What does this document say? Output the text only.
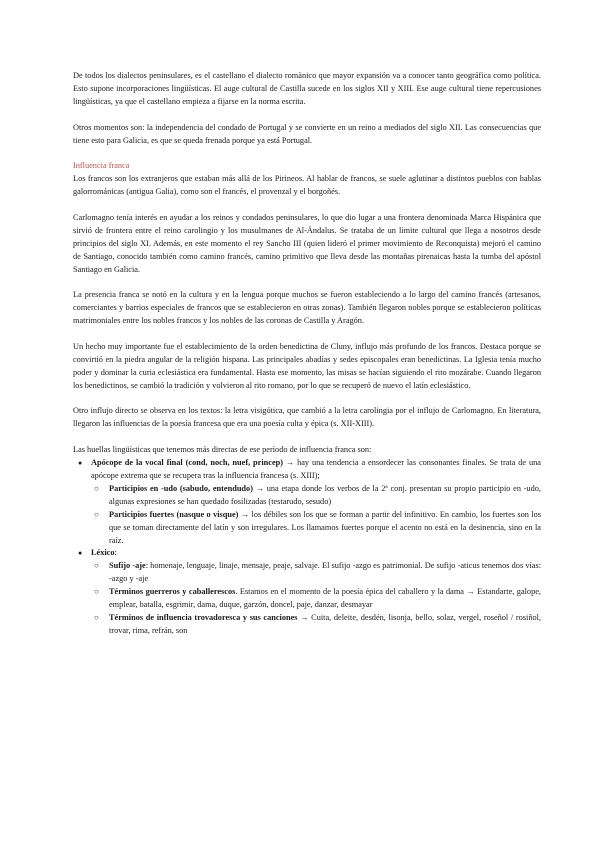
De todos los dialectos peninsulares, es el castellano el dialecto romànico que mayor expansión va a conocer tanto geográfica como política. Esto supone incorporaciones lingüísticas. El auge cultural de Castilla sucede en los siglos XII y XIII. Ese auge cultural tiene repercusiones lingüísticas, ya que el castellano empieza a fijarse en la norma escrita.

Otros momentos son: la independencia del condado de Portugal y se convierte en un reino a mediados del siglo XII. Las consecuencias que tiene esto para Galicia, es que se queda frenada porque ya está Portugal.

Influencia franca

Los francos son los extranjeros que estaban más allá de los Pirineos. Al hablar de francos, se suele aglutinar a distintos pueblos con hablas galorrománicas (antigua Galia), como son el francés, el provenzal y el borgoñés.

Carlomagno tenía interés en ayudar a los reinos y condados peninsulares, lo que dio lugar a una frontera denominada Marca Hispánica que sirvió de frontera entre el reino carolingio y los musulmanes de Al-Ándalus. Se trataba de un límite cultural que llega a nosotros desde principios del siglo XI. Además, en este momento el rey Sancho III (quien lideró el primer movimiento de Reconquista) mejoró el camino de Santiago, conocido también como camino francés, camino primitivo que lleva desde las montañas pirenaicas hasta la tumba del apóstol Santiago en Galicia.

La presencia franca se notó en la cultura y en la lengua porque muchos se fueron estableciendo a lo largo del camino francés (artesanos, comerciantes y barrios especiales de francos que se establecieron en otras zonas). También llegaron nobles porque se establecieron políticas matrimoniales entre los nobles francos y los nobles de las coronas de Castilla y Aragón.

Un hecho muy importante fue el establecimiento de la orden benedictina de Cluny, influjo más profundo de los francos. Destaca porque se convirtió en la piedra angular de la religión hispana. Las principales abadías y sedes episcopales eran benedictinas. La Iglesia tenía mucho poder y dominar la curia eclesiástica era fundamental. Hasta ese momento, las misas se hacían siguiendo el rito mozárabe. Cuando llegaron los benedictinos, se cambió la tradición y volvieron al rito romano, por lo que se recuperó de nuevo el latín eclesiástico.

Otro influjo directo se observa en los textos: la letra visigótica, que cambió a la letra carolingia por el influjo de Carlomagno. En literatura, llegaron las influencias de la poesía francesa que era una poesía culta y épica (s. XII-XIII).

Las huellas lingüísticas que tenemos más directas de ese período de influencia franca son:

● Apócope de la vocal final (cond, noch, nuef, princep) → hay una tendencia a ensordecer las consonantes finales. Se trata de una apócope extrema que se recupera tras la influencia francesa (s. XIII);
○ Participios en -udo (sabudo, entendudo) → una etapa donde los verbos de la 2ª conj. presentan su propio participio en -udo, algunas expresiones se han quedado fosilizadas (testarudo, sesudo)
○ Participios fuertes (nasque o visque) → los débiles son los que se forman a partir del infinitivo. En cambio, los fuertes son los que se toman directamente del latín y son irregulares. Los llamamos fuertes porque el acento no está en la desinencia, sino en la raíz.
● Léxico:
○ Sufijo -aje: homenaje, lenguaje, linaje, mensaje, peaje, salvaje. El sufijo -azgo es patrimonial. De sufijo -aticus tenemos dos vías: -azgo y -aje
○ Términos guerreros y caballerescos. Estamos en el momento de la poesía épica del caballero y la dama → Estandarte, galope, emplear, batalla, esgrimir, dama, duque, garzón, doncel, paje, danzar, desmayar
○ Términos de influencia trovadoresca y sus canciones → Cuita, deleite, desdén, lisonja, bello, solaz, vergel, roseñol / rosiñol, trovar, rima, refrán, son
